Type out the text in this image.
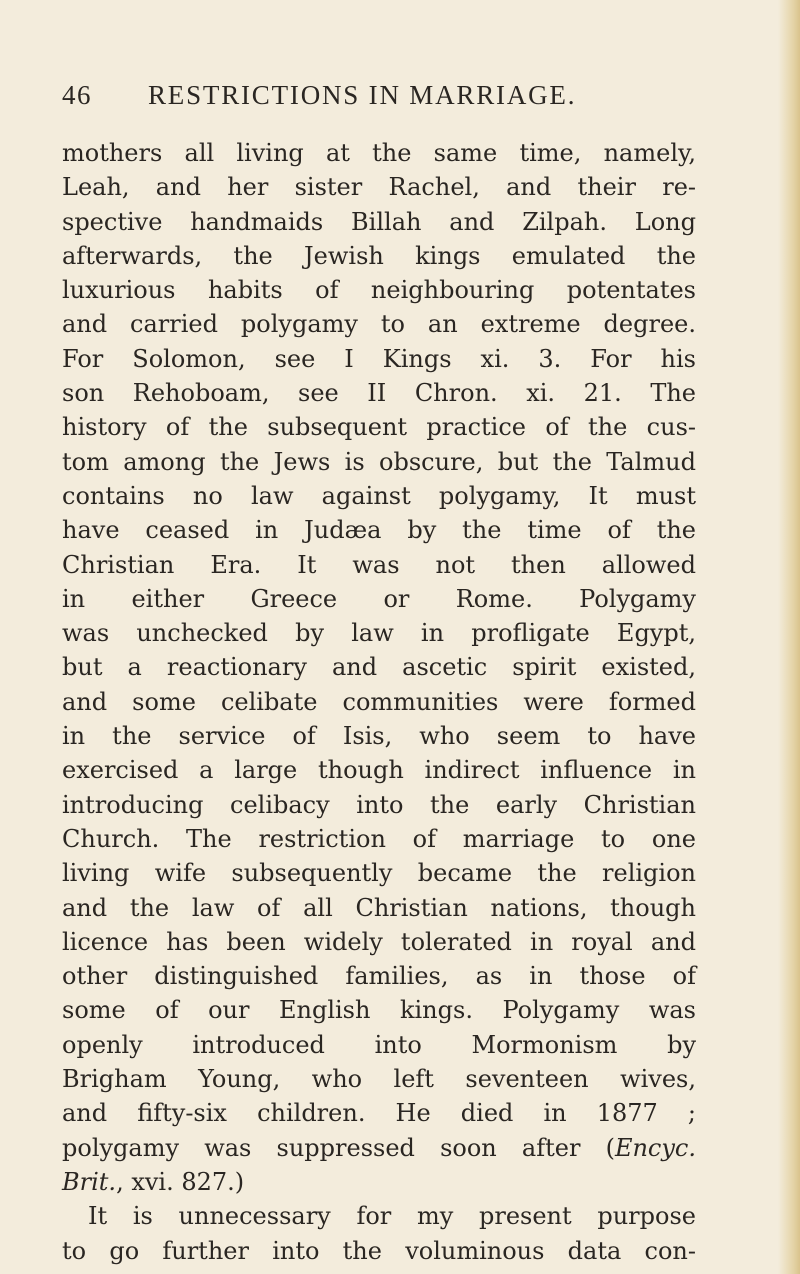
46	RESTRICTIONS IN MARRIAGE.

mothers all living at the same time, namely,
Leah, and her sister Rachel, and their re-
spective handmaids Billah and Zilpah. Long
afterwards, the Jewish kings emulated the
luxurious habits of neighbouring potentates
and carried polygamy to an extreme degree.
For Solomon, see I Kings xi. 3. For his
son Rehoboam, see II Chron. xi. 21. The
history of the subsequent practice of the cus-
tom among the Jews is obscure, but the Talmud
contains no law against polygamy, It must
have ceased in Judæa by the time of the
Christian Era. It was not then allowed
in either Greece or Rome. Polygamy
was unchecked by law in profligate Egypt,
but a reactionary and ascetic spirit existed,
and some celibate communities were formed
in the service of Isis, who seem to have
exercised a large though indirect influence in
introducing celibacy into the early Christian
Church. The restriction of marriage to one
living wife subsequently became the religion
and the law of all Christian nations, though
licence has been widely tolerated in royal and
other distinguished families, as in those of
some of our English kings. Polygamy was
openly introduced into Mormonism by
Brigham Young, who left seventeen wives,
and fifty-six children. He died in 1877 ;
polygamy was suppressed soon after (Encyc.
Brit., xvi. 827.)

It is unnecessary for my present purpose
to go further into the voluminous data con-
